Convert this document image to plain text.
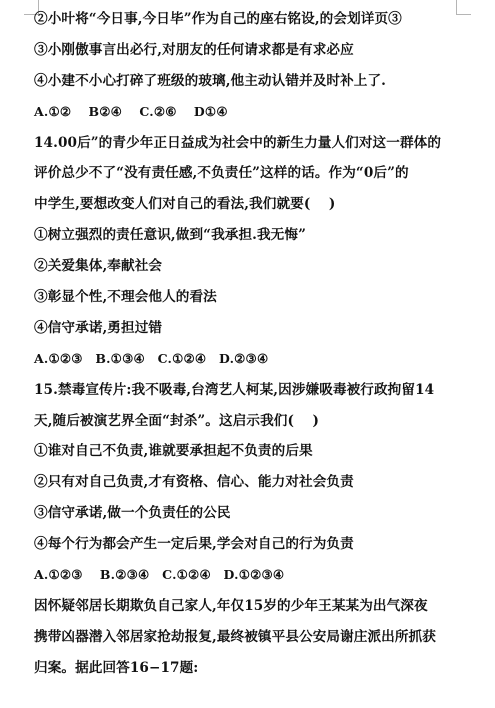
②小叶将“今日事,今日毕”作为自己的座右铭设,的会划详页③
③小刚傲事言出必行,对朋友的任何请求都是有求必应
④小建不小心打碎了班级的玻璃,他主动认错并及时补上了.
A.①②　 B②④　 C.②⑥　 D①④
14.00后”的青少年正日益成为社会中的新生力量人们对这一群体的
评价总少不了“没有责任感,不负责任”这样的话。作为“0后”的
中学生,要想改变人们对自己的看法,我们就要(　 )
①树立强烈的责任意识,做到“我承担.我无悔”
②关爱集体,奉献社会
③彰显个性,不理会他人的看法
④信守承诺,勇担过错
A.①②③　B.①③④　C.①②④　D.②③④
15.禁毒宣传片:我不吸毒,台湾艺人柯某,因涉嫌吸毒被行政拘留14
天,随后被演艺界全面“封杀”。这启示我们(　 )
①谁对自己不负责,谁就要承担起不负责的后果
②只有对自己负责,才有资格、信心、能力对社会负责
③信守承诺,做一个负责任的公民
④每个行为都会产生一定后果,学会对自己的行为负责
A.①②③　 B.②③④　C.①②④　D.①②③④
因怀疑邻居长期欺负自己家人,年仅15岁的少年王某某为出气深夜
携带凶器潜入邻居家抢劫报复,最终被镇平县公安局谢庄派出所抓获
归案。据此回答16−17题:
